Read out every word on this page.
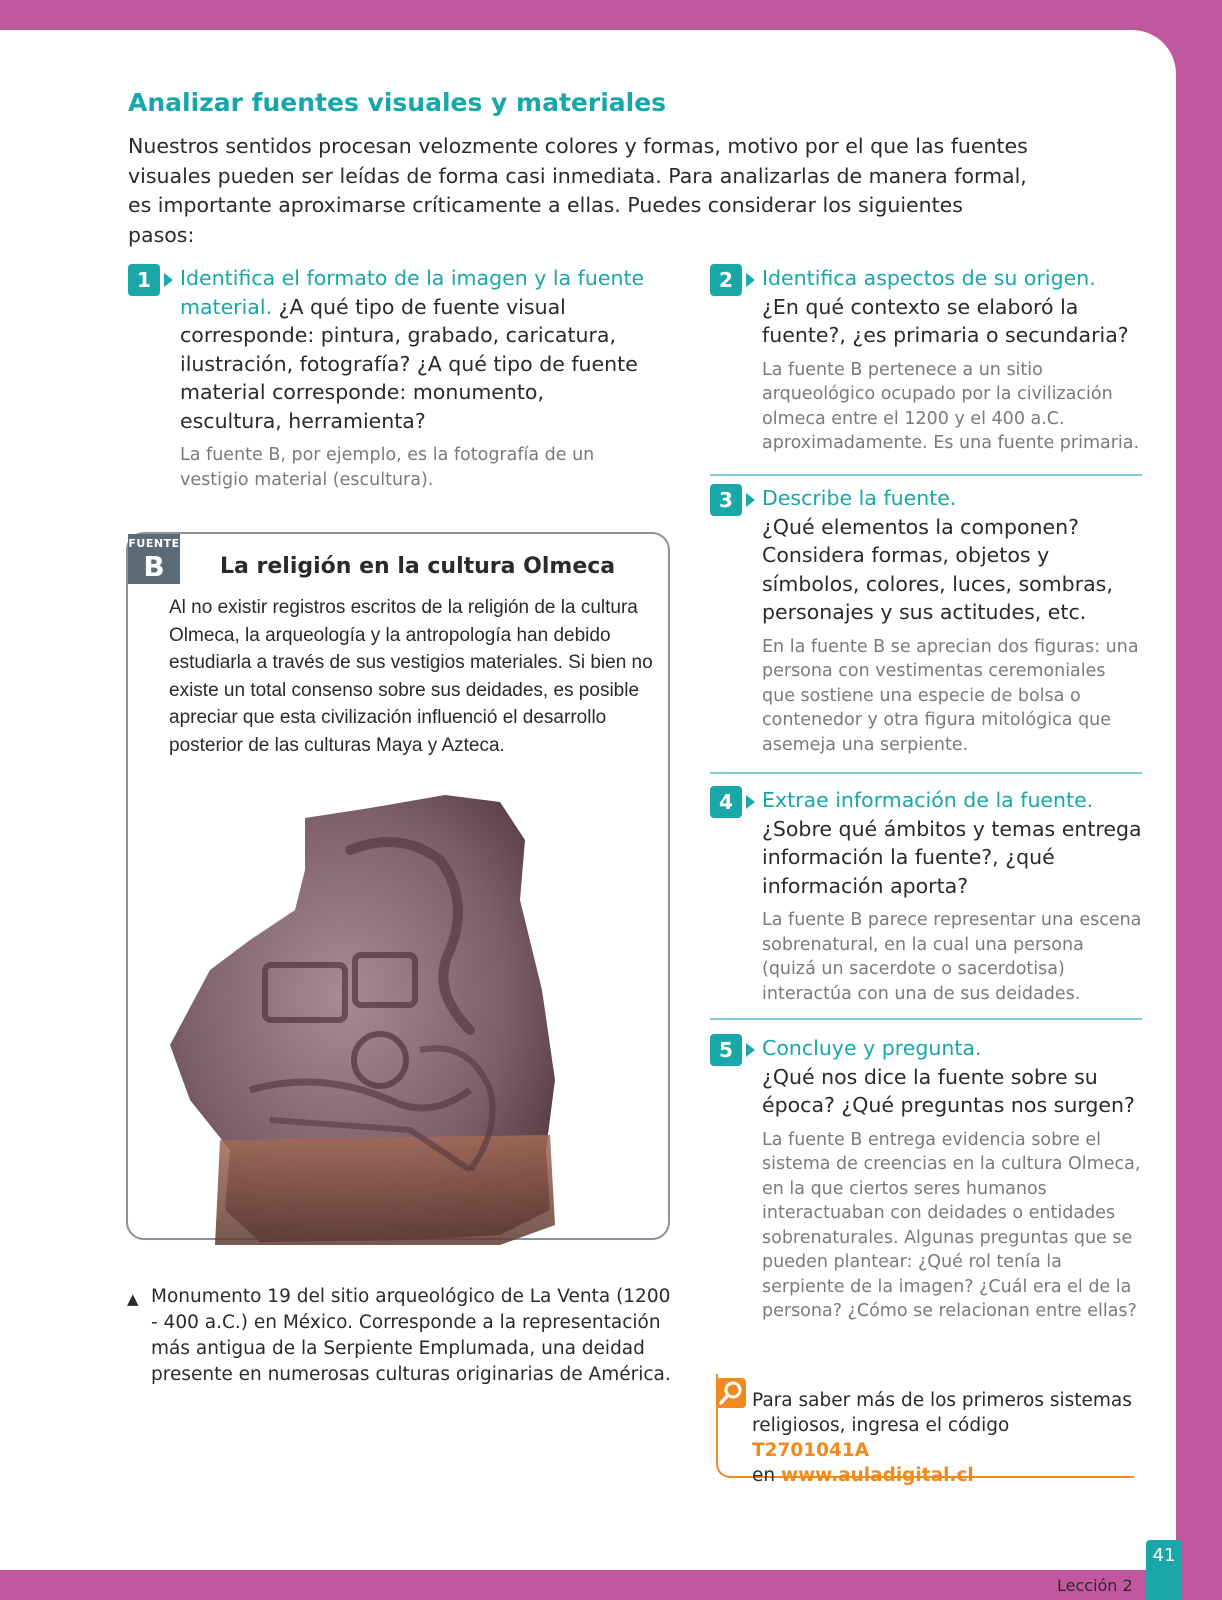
Analizar fuentes visuales y materiales

Nuestros sentidos procesan velozmente colores y formas, motivo por el que las fuentes visuales pueden ser leídas de forma casi inmediata. Para analizarlas de manera formal, es importante aproximarse críticamente a ellas. Puedes considerar los siguientes pasos:

1	Identifica el formato de la imagen y la fuente material. ¿A qué tipo de fuente visual corresponde: pintura, grabado, caricatura, ilustración, fotografía? ¿A qué tipo de fuente material corresponde: monumento, escultura, herramienta?

La fuente B, por ejemplo, es la fotografía de un vestigio material (escultura).

2	Identifica aspectos de su origen.

¿En qué contexto se elaboró la fuente?, ¿es primaria o secundaria?

La fuente B pertenece a un sitio arqueológico ocupado por la civilización olmeca entre el 1200 y el 400 a.C. aproximadamente. Es una fuente primaria.

3	Describe la fuente.

¿Qué elementos la componen? Considera formas, objetos y símbolos, colores, luces, sombras, personajes y sus actitudes, etc.

En la fuente B se aprecian dos figuras: una persona con vestimentas ceremoniales que sostiene una especie de bolsa o contenedor y otra figura mitológica que asemeja una serpiente.

4	Extrae información de la fuente.

¿Sobre qué ámbitos y temas entrega información la fuente?, ¿qué información aporta?

La fuente B parece representar una escena sobrenatural, en la cual una persona (quizá un sacerdote o sacerdotisa) interactúa con una de sus deidades.

5	Concluye y pregunta.

¿Qué nos dice la fuente sobre su época? ¿Qué preguntas nos surgen?

La fuente B entrega evidencia sobre el sistema de creencias en la cultura Olmeca, en la que ciertos seres humanos interactuaban con deidades o entidades sobrenaturales. Algunas preguntas que se pueden plantear: ¿Qué rol tenía la serpiente de la imagen? ¿Cuál era el de la persona? ¿Cómo se relacionan entre ellas?

FUENTE
B	La religión en la cultura Olmeca

Al no existir registros escritos de la religión de la cultura Olmeca, la arqueología y la antropología han debido estudiarla a través de sus vestigios materiales. Si bien no existe un total consenso sobre sus deidades, es posible apreciar que esta civilización influenció el desarrollo posterior de las culturas Maya y Azteca.

▲ Monumento 19 del sitio arqueológico de La Venta (1200 - 400 a.C.) en México. Corresponde a la representación más antigua de la Serpiente Emplumada, una deidad presente en numerosas culturas originarias de América.

Para saber más de los primeros sistemas religiosos, ingresa el código T2701041A
en www.auladigital.cl

Lección 2
41
